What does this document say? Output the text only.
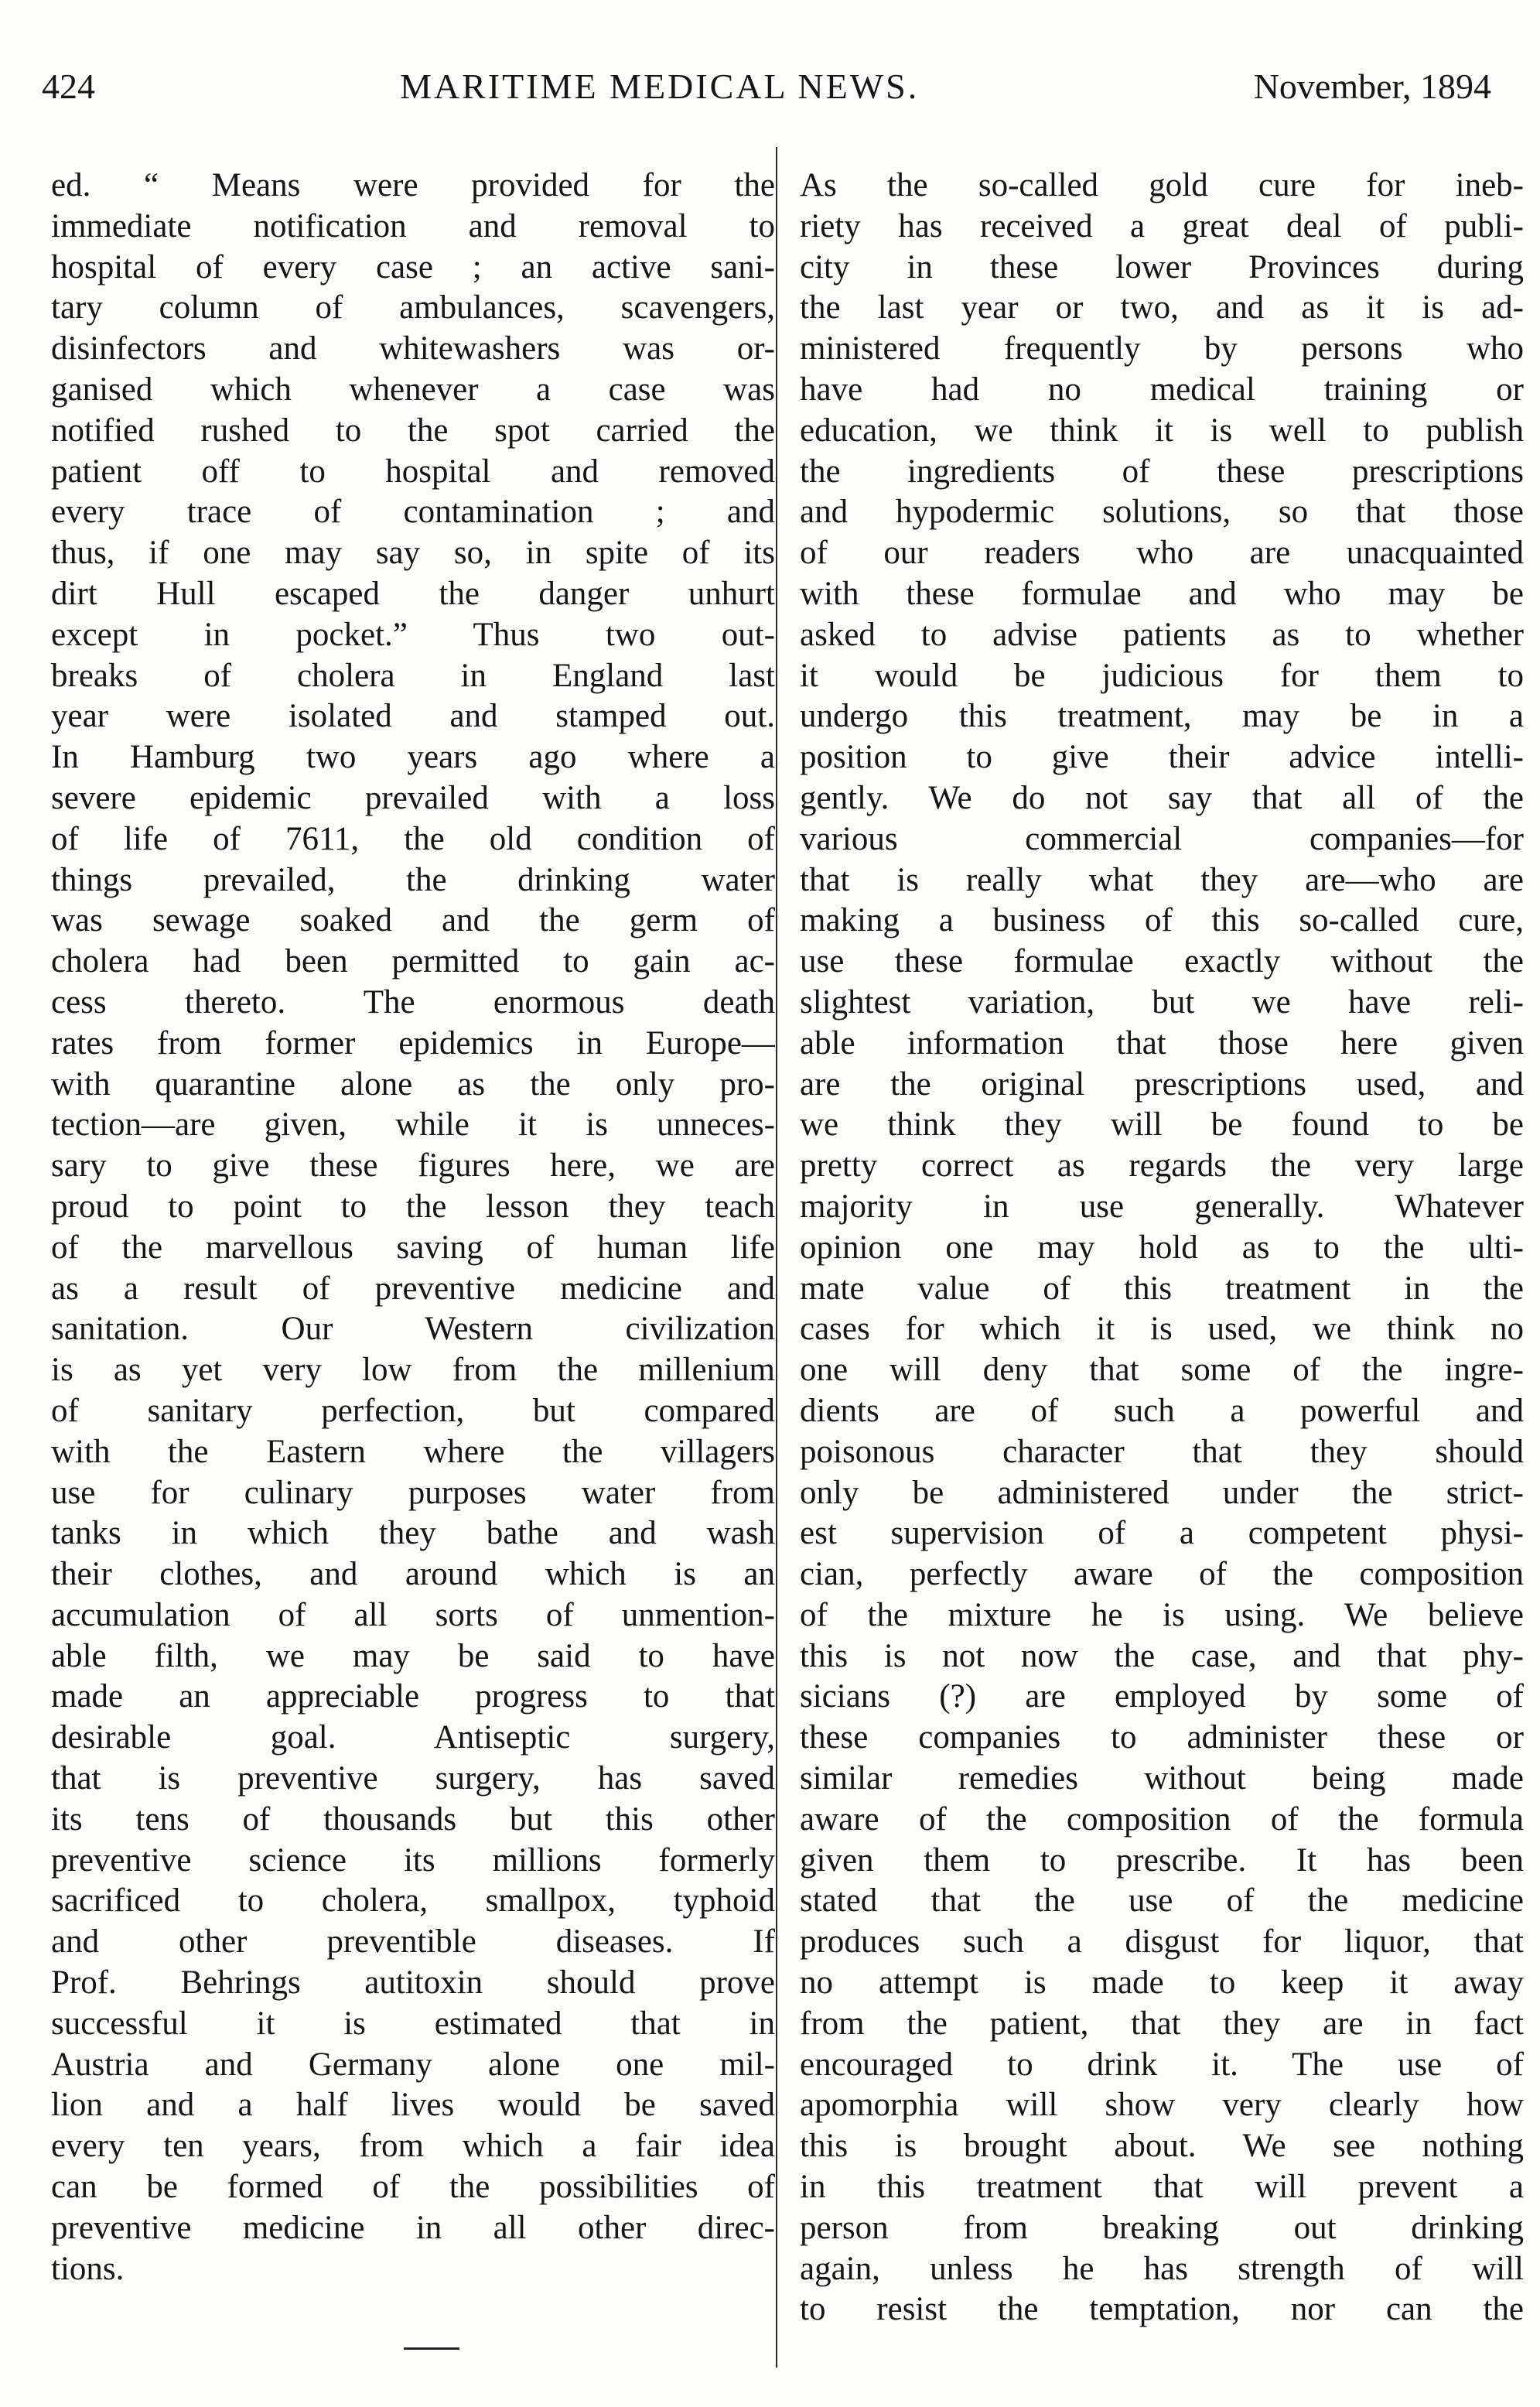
424	MARITIME MEDICAL NEWS.	November, 1894
ed. “ Means were provided for the
immediate notification and removal to
hospital of every case ; an active sani-
tary column of ambulances, scavengers,
disinfectors and whitewashers was or-
ganised which whenever a case was
notified rushed to the spot carried the
patient off to hospital and removed
every trace of contamination ; and
thus, if one may say so, in spite of its
dirt Hull escaped the danger unhurt
except in pocket.” Thus two out-
breaks of cholera in England last
year were isolated and stamped out.
In Hamburg two years ago where a
severe epidemic prevailed with a loss
of life of 7611, the old condition of
things prevailed, the drinking water
was sewage soaked and the germ of
cholera had been permitted to gain ac-
cess thereto. The enormous death
rates from former epidemics in Europe—
with quarantine alone as the only pro-
tection—are given, while it is unneces-
sary to give these figures here, we are
proud to point to the lesson they teach
of the marvellous saving of human life
as a result of preventive medicine and
sanitation. Our Western civilization
is as yet very low from the millenium
of sanitary perfection, but compared
with the Eastern where the villagers
use for culinary purposes water from
tanks in which they bathe and wash
their clothes, and around which is an
accumulation of all sorts of unmention-
able filth, we may be said to have
made an appreciable progress to that
desirable goal. Antiseptic surgery,
that is preventive surgery, has saved
its tens of thousands but this other
preventive science its millions formerly
sacrificed to cholera, smallpox, typhoid
and other preventible diseases. If
Prof. Behrings autitoxin should prove
successful it is estimated that in
Austria and Germany alone one mil-
lion and a half lives would be saved
every ten years, from which a fair idea
can be formed of the possibilities of
preventive medicine in all other direc-
tions.
As the so-called gold cure for ineb-
riety has received a great deal of publi-
city in these lower Provinces during
the last year or two, and as it is ad-
ministered frequently by persons who
have had no medical training or
education, we think it is well to publish
the ingredients of these prescriptions
and hypodermic solutions, so that those
of our readers who are unacquainted
with these formulae and who may be
asked to advise patients as to whether
it would be judicious for them to
undergo this treatment, may be in a
position to give their advice intelli-
gently. We do not say that all of the
various commercial companies—for
that is really what they are—who are
making a business of this so-called cure,
use these formulae exactly without the
slightest variation, but we have reli-
able information that those here given
are the original prescriptions used, and
we think they will be found to be
pretty correct as regards the very large
majority in use generally. Whatever
opinion one may hold as to the ulti-
mate value of this treatment in the
cases for which it is used, we think no
one will deny that some of the ingre-
dients are of such a powerful and
poisonous character that they should
only be administered under the strict-
est supervision of a competent physi-
cian, perfectly aware of the composition
of the mixture he is using. We believe
this is not now the case, and that phy-
sicians (?) are employed by some of
these companies to administer these or
similar remedies without being made
aware of the composition of the formula
given them to prescribe. It has been
stated that the use of the medicine
produces such a disgust for liquor, that
no attempt is made to keep it away
from the patient, that they are in fact
encouraged to drink it. The use of
apomorphia will show very clearly how
this is brought about. We see nothing
in this treatment that will prevent a
person from breaking out drinking
again, unless he has strength of will
to resist the temptation, nor can the
